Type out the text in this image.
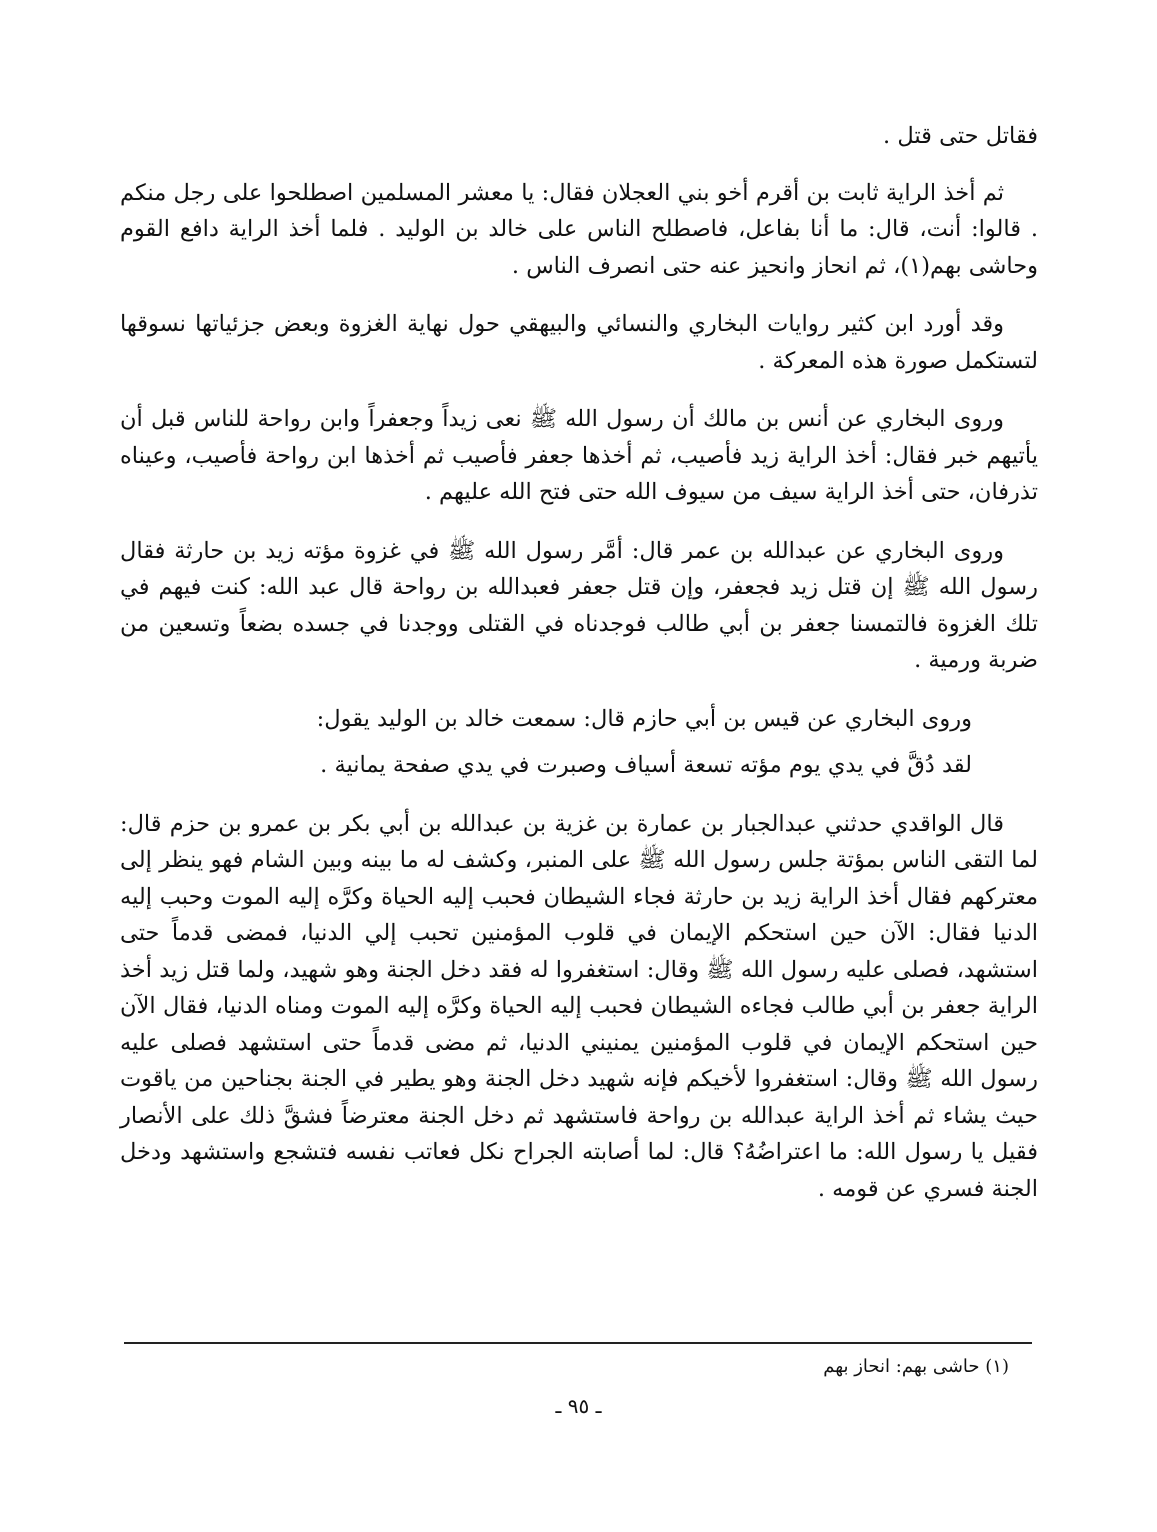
فقاتل حتى قتل .

ثم أخذ الراية ثابت بن أقرم أخو بني العجلان فقال: يا معشر المسلمين اصطلحوا على رجل منكم . قالوا: أنت، قال: ما أنا بفاعل، فاصطلح الناس على خالد بن الوليد . فلما أخذ الراية دافع القوم وحاشى بهم(١)، ثم انحاز وانحيز عنه حتى انصرف الناس .

وقد أورد ابن كثير روايات البخاري والنسائي والبيهقي حول نهاية الغزوة وبعض جزئياتها نسوقها لتستكمل صورة هذه المعركة .

وروى البخاري عن أنس بن مالك أن رسول الله ﷺ نعى زيداً وجعفراً وابن رواحة للناس قبل أن يأتيهم خبر فقال: أخذ الراية زيد فأصيب، ثم أخذها جعفر فأصيب ثم أخذها ابن رواحة فأصيب، وعيناه تذرفان، حتى أخذ الراية سيف من سيوف الله حتى فتح الله عليهم .

وروى البخاري عن عبدالله بن عمر قال: أمَّر رسول الله ﷺ في غزوة مؤته زيد بن حارثة فقال رسول الله ﷺ إن قتل زيد فجعفر، وإن قتل جعفر فعبدالله بن رواحة قال عبد الله: كنت فيهم في تلك الغزوة فالتمسنا جعفر بن أبي طالب فوجدناه في القتلى ووجدنا في جسده بضعاً وتسعين من ضربة ورمية .

وروى البخاري عن قيس بن أبي حازم قال: سمعت خالد بن الوليد يقول:

لقد دُقَّ في يدي يوم مؤته تسعة أسياف وصبرت في يدي صفحة يمانية .

قال الواقدي حدثني عبدالجبار بن عمارة بن غزية بن عبدالله بن أبي بكر بن عمرو بن حزم قال: لما التقى الناس بمؤتة جلس رسول الله ﷺ على المنبر، وكشف له ما بينه وبين الشام فهو ينظر إلى معتركهم فقال أخذ الراية زيد بن حارثة فجاء الشيطان فحبب إليه الحياة وكرَّه إليه الموت وحبب إليه الدنيا فقال: الآن حين استحكم الإيمان في قلوب المؤمنين تحبب إلي الدنيا، فمضى قدماً حتى استشهد، فصلى عليه رسول الله ﷺ وقال: استغفروا له فقد دخل الجنة وهو شهيد، ولما قتل زيد أخذ الراية جعفر بن أبي طالب فجاءه الشيطان فحبب إليه الحياة وكرَّه إليه الموت ومناه الدنيا، فقال الآن حين استحكم الإيمان في قلوب المؤمنين يمنيني الدنيا، ثم مضى قدماً حتى استشهد فصلى عليه رسول الله ﷺ وقال: استغفروا لأخيكم فإنه شهيد دخل الجنة وهو يطير في الجنة بجناحين من ياقوت حيث يشاء ثم أخذ الراية عبدالله بن رواحة فاستشهد ثم دخل الجنة معترضاً فشقَّ ذلك على الأنصار فقيل يا رسول الله: ما اعتراضُهُ؟ قال: لما أصابته الجراح نكل فعاتب نفسه فتشجع واستشهد ودخل الجنة فسري عن قومه .

(١) حاشى بهم: انحاز بهم
ـ ٩٥ ـ
